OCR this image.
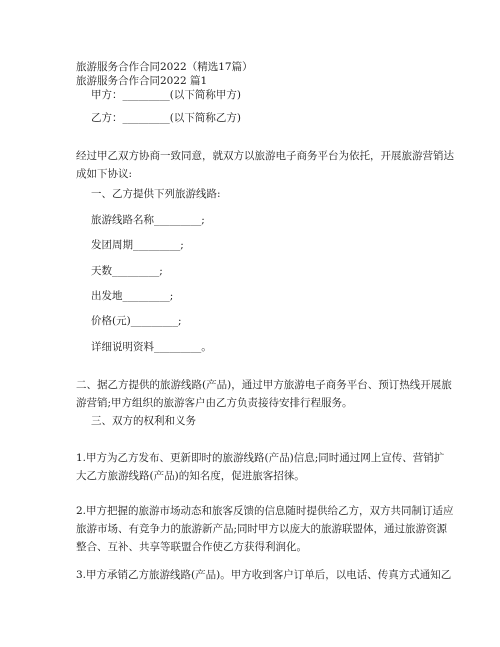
旅游服务合作合同2022（精选17篇）
旅游服务合作合同2022 篇1
甲方：_________(以下简称甲方)
乙方：_________(以下简称乙方)

经过甲乙双方协商一致同意，就双方以旅游电子商务平台为依托，开展旅游营销达

成如下协议:

一、乙方提供下列旅游线路:
旅游线路名称_________;
发团周期_________;
天数_________;
出发地_________;
价格(元)_________;
详细说明资料_________。

二、据乙方提供的旅游线路(产品)，通过甲方旅游电子商务平台、预订热线开展旅

游营销;甲方组织的旅游客户由乙方负责接待安排行程服务。

三、双方的权利和义务

1.甲方为乙方发布、更新即时的旅游线路(产品)信息;同时通过网上宣传、营销扩

大乙方旅游线路(产品)的知名度，促进旅客招徕。

2.甲方把握的旅游市场动态和旅客反馈的信息随时提供给乙方，双方共同制订适应

旅游市场、有竞争力的旅游新产品;同时甲方以庞大的旅游联盟体，通过旅游资源

整合、互补、共享等联盟合作使乙方获得利润化。

3.甲方承销乙方旅游线路(产品)。甲方收到客户订单后，以电话、传真方式通知乙
